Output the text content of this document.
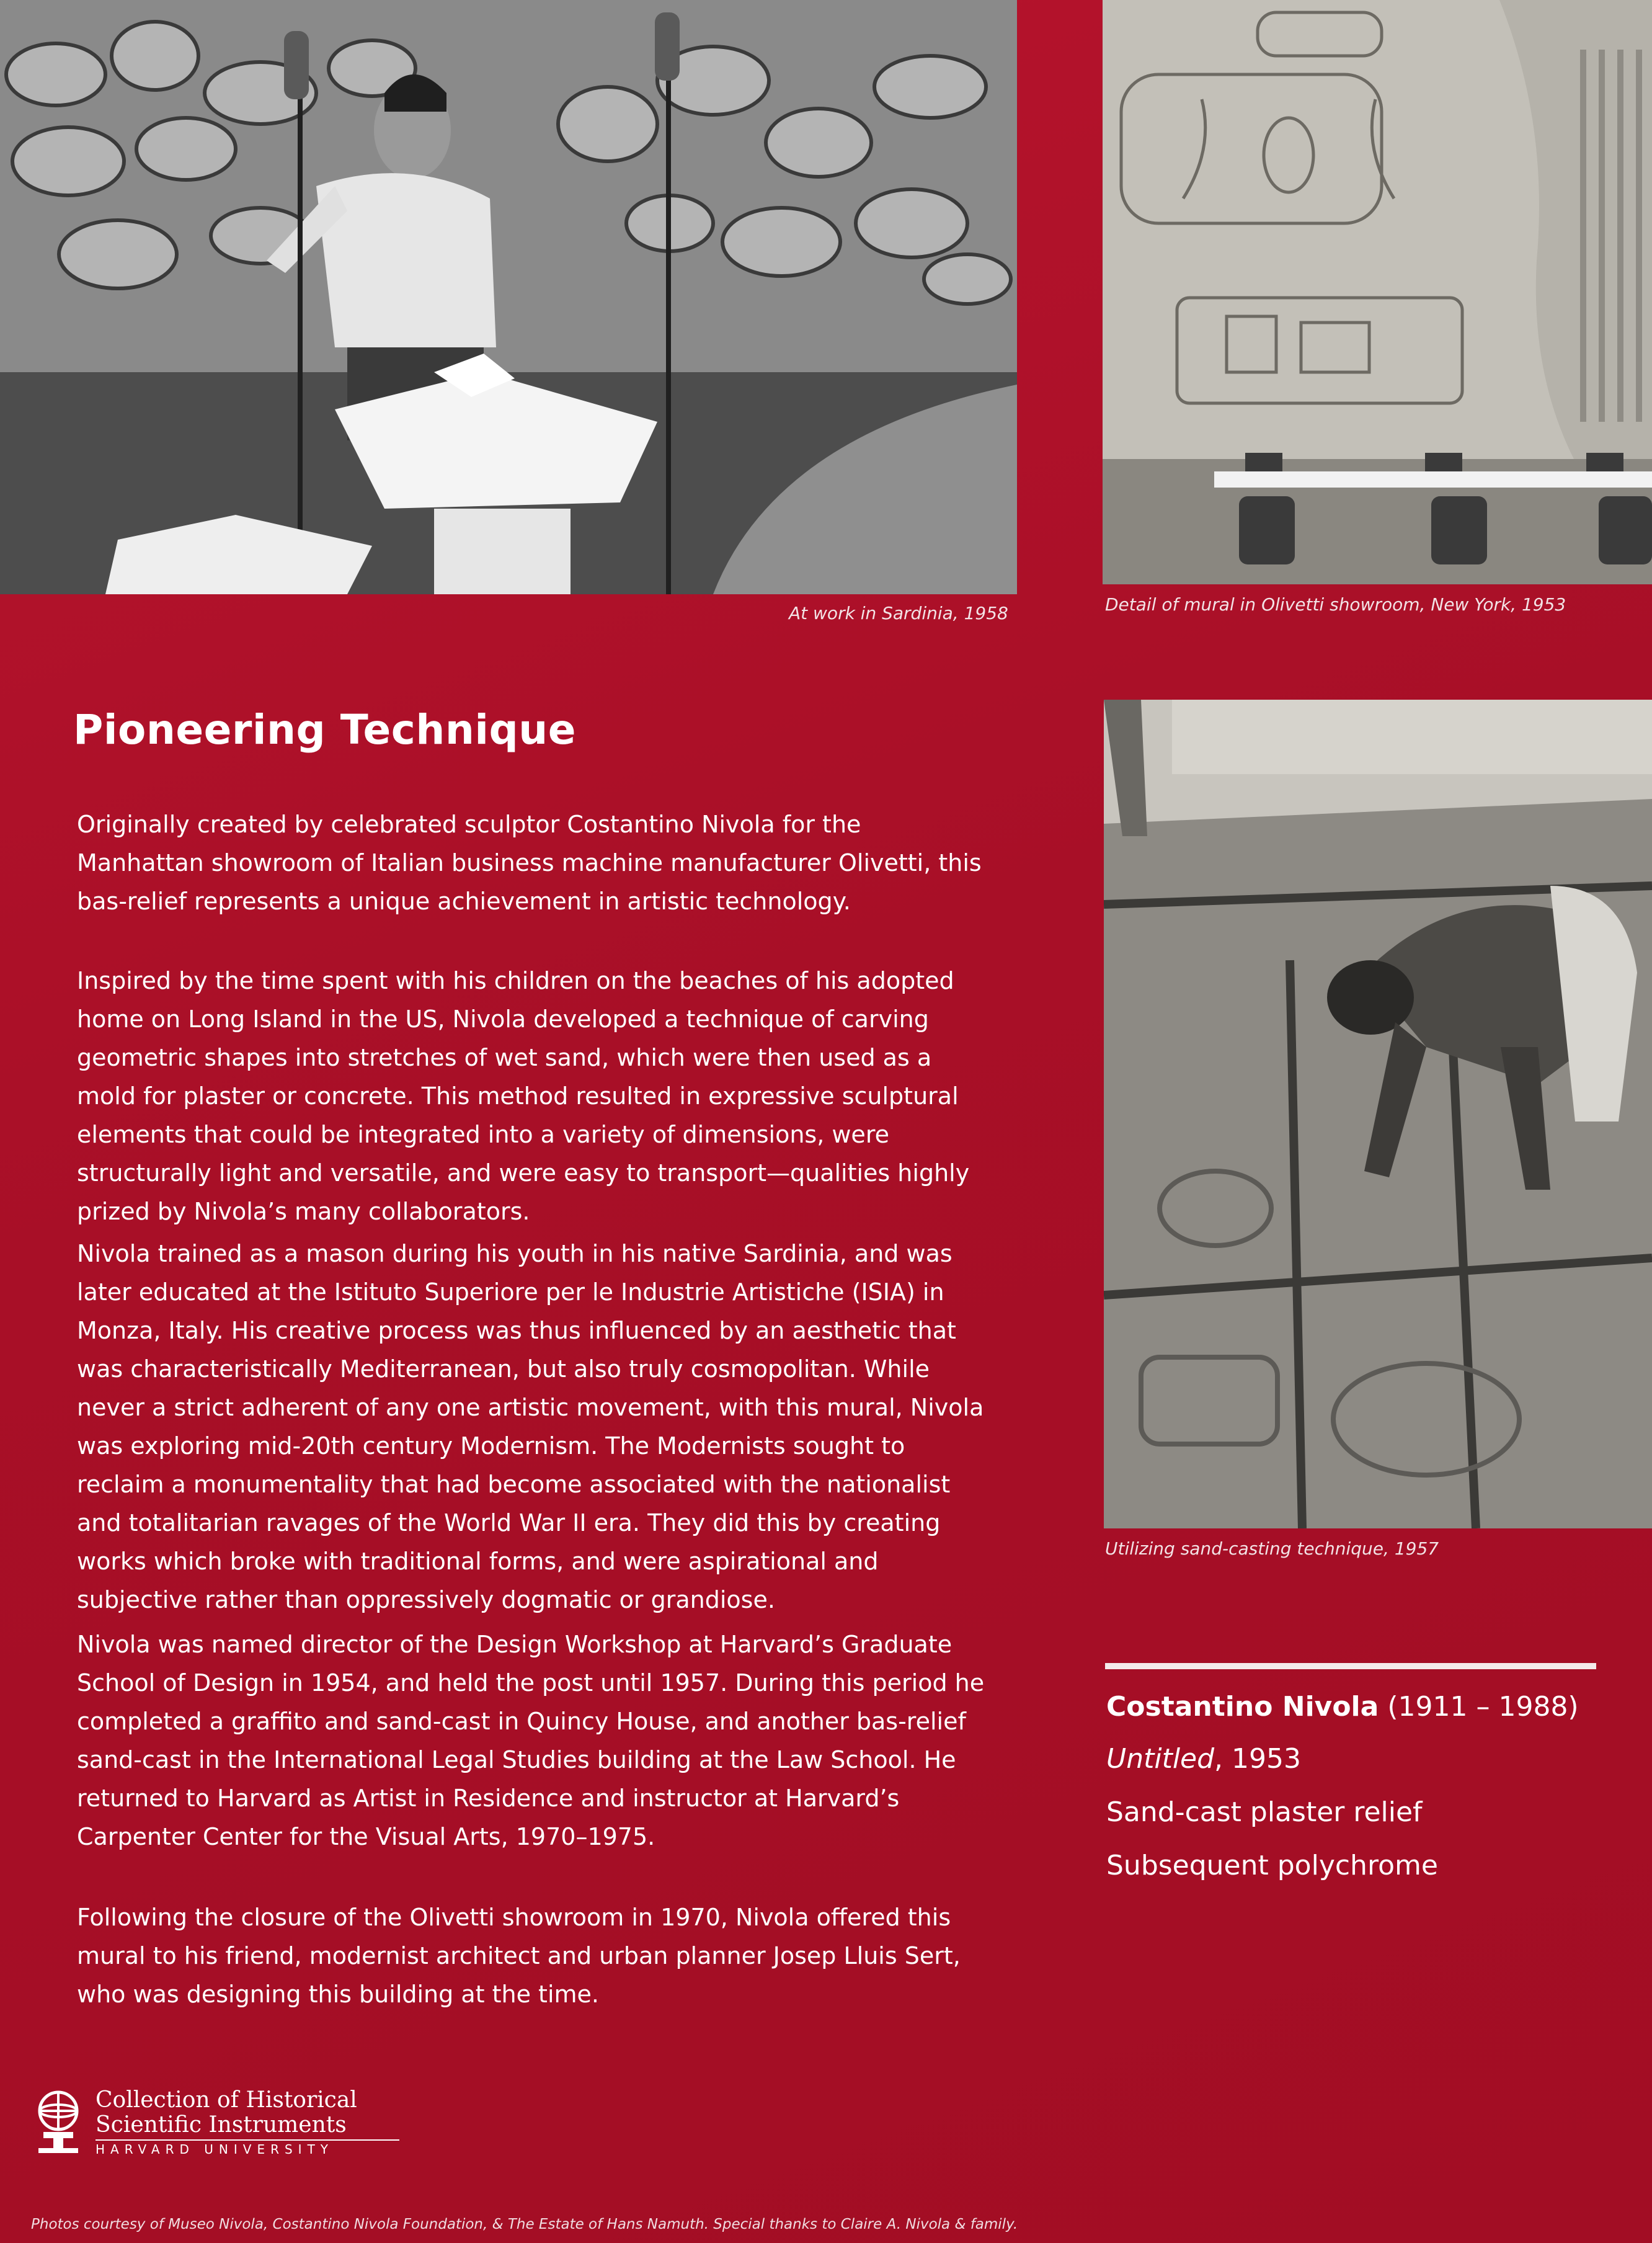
At work in Sardinia, 1958	Detail of mural in Olivetti showroom, New York, 1953
Pioneering Technique

Originally created by celebrated sculptor Costantino Nivola for the Manhattan showroom of Italian business machine manufacturer Olivetti, this bas-relief represents a unique achievement in artistic technology.

Inspired by the time spent with his children on the beaches of his adopted home on Long Island in the US, Nivola developed a technique of carving geometric shapes into stretches of wet sand, which were then used as a mold for plaster or concrete. This method resulted in expressive sculptural elements that could be integrated into a variety of dimensions, were structurally light and versatile, and were easy to transport—qualities highly prized by Nivola’s many collaborators.

Nivola trained as a mason during his youth in his native Sardinia, and was later educated at the Istituto Superiore per le Industrie Artistiche (ISIA) in Monza, Italy. His creative process was thus influenced by an aesthetic that was characteristically Mediterranean, but also truly cosmopolitan. While never a strict adherent of any one artistic movement, with this mural, Nivola was exploring mid-20th century Modernism. The Modernists sought to reclaim a monumentality that had become associated with the nationalist and totalitarian ravages of the World War II era. They did this by creating works which broke with traditional forms, and were aspirational and subjective rather than oppressively dogmatic or grandiose.

Nivola was named director of the Design Workshop at Harvard’s Graduate School of Design in 1954, and held the post until 1957. During this period he completed a graffito and sand-cast in Quincy House, and another bas-relief sand-cast in the International Legal Studies building at the Law School. He returned to Harvard as Artist in Residence and instructor at Harvard’s Carpenter Center for the Visual Arts, 1970–1975.

Following the closure of the Olivetti showroom in 1970, Nivola offered this mural to his friend, modernist architect and urban planner Josep Lluis Sert, who was designing this building at the time.

Utilizing sand-casting technique, 1957

Costantino Nivola (1911 – 1988)

Untitled, 1953

Sand-cast plaster relief

Subsequent polychrome

Collection of Historical
Scientific Instruments
HARVARD UNIVERSITY
Photos courtesy of Museo Nivola, Costantino Nivola Foundation, & The Estate of Hans Namuth. Special thanks to Claire A. Nivola & family.
